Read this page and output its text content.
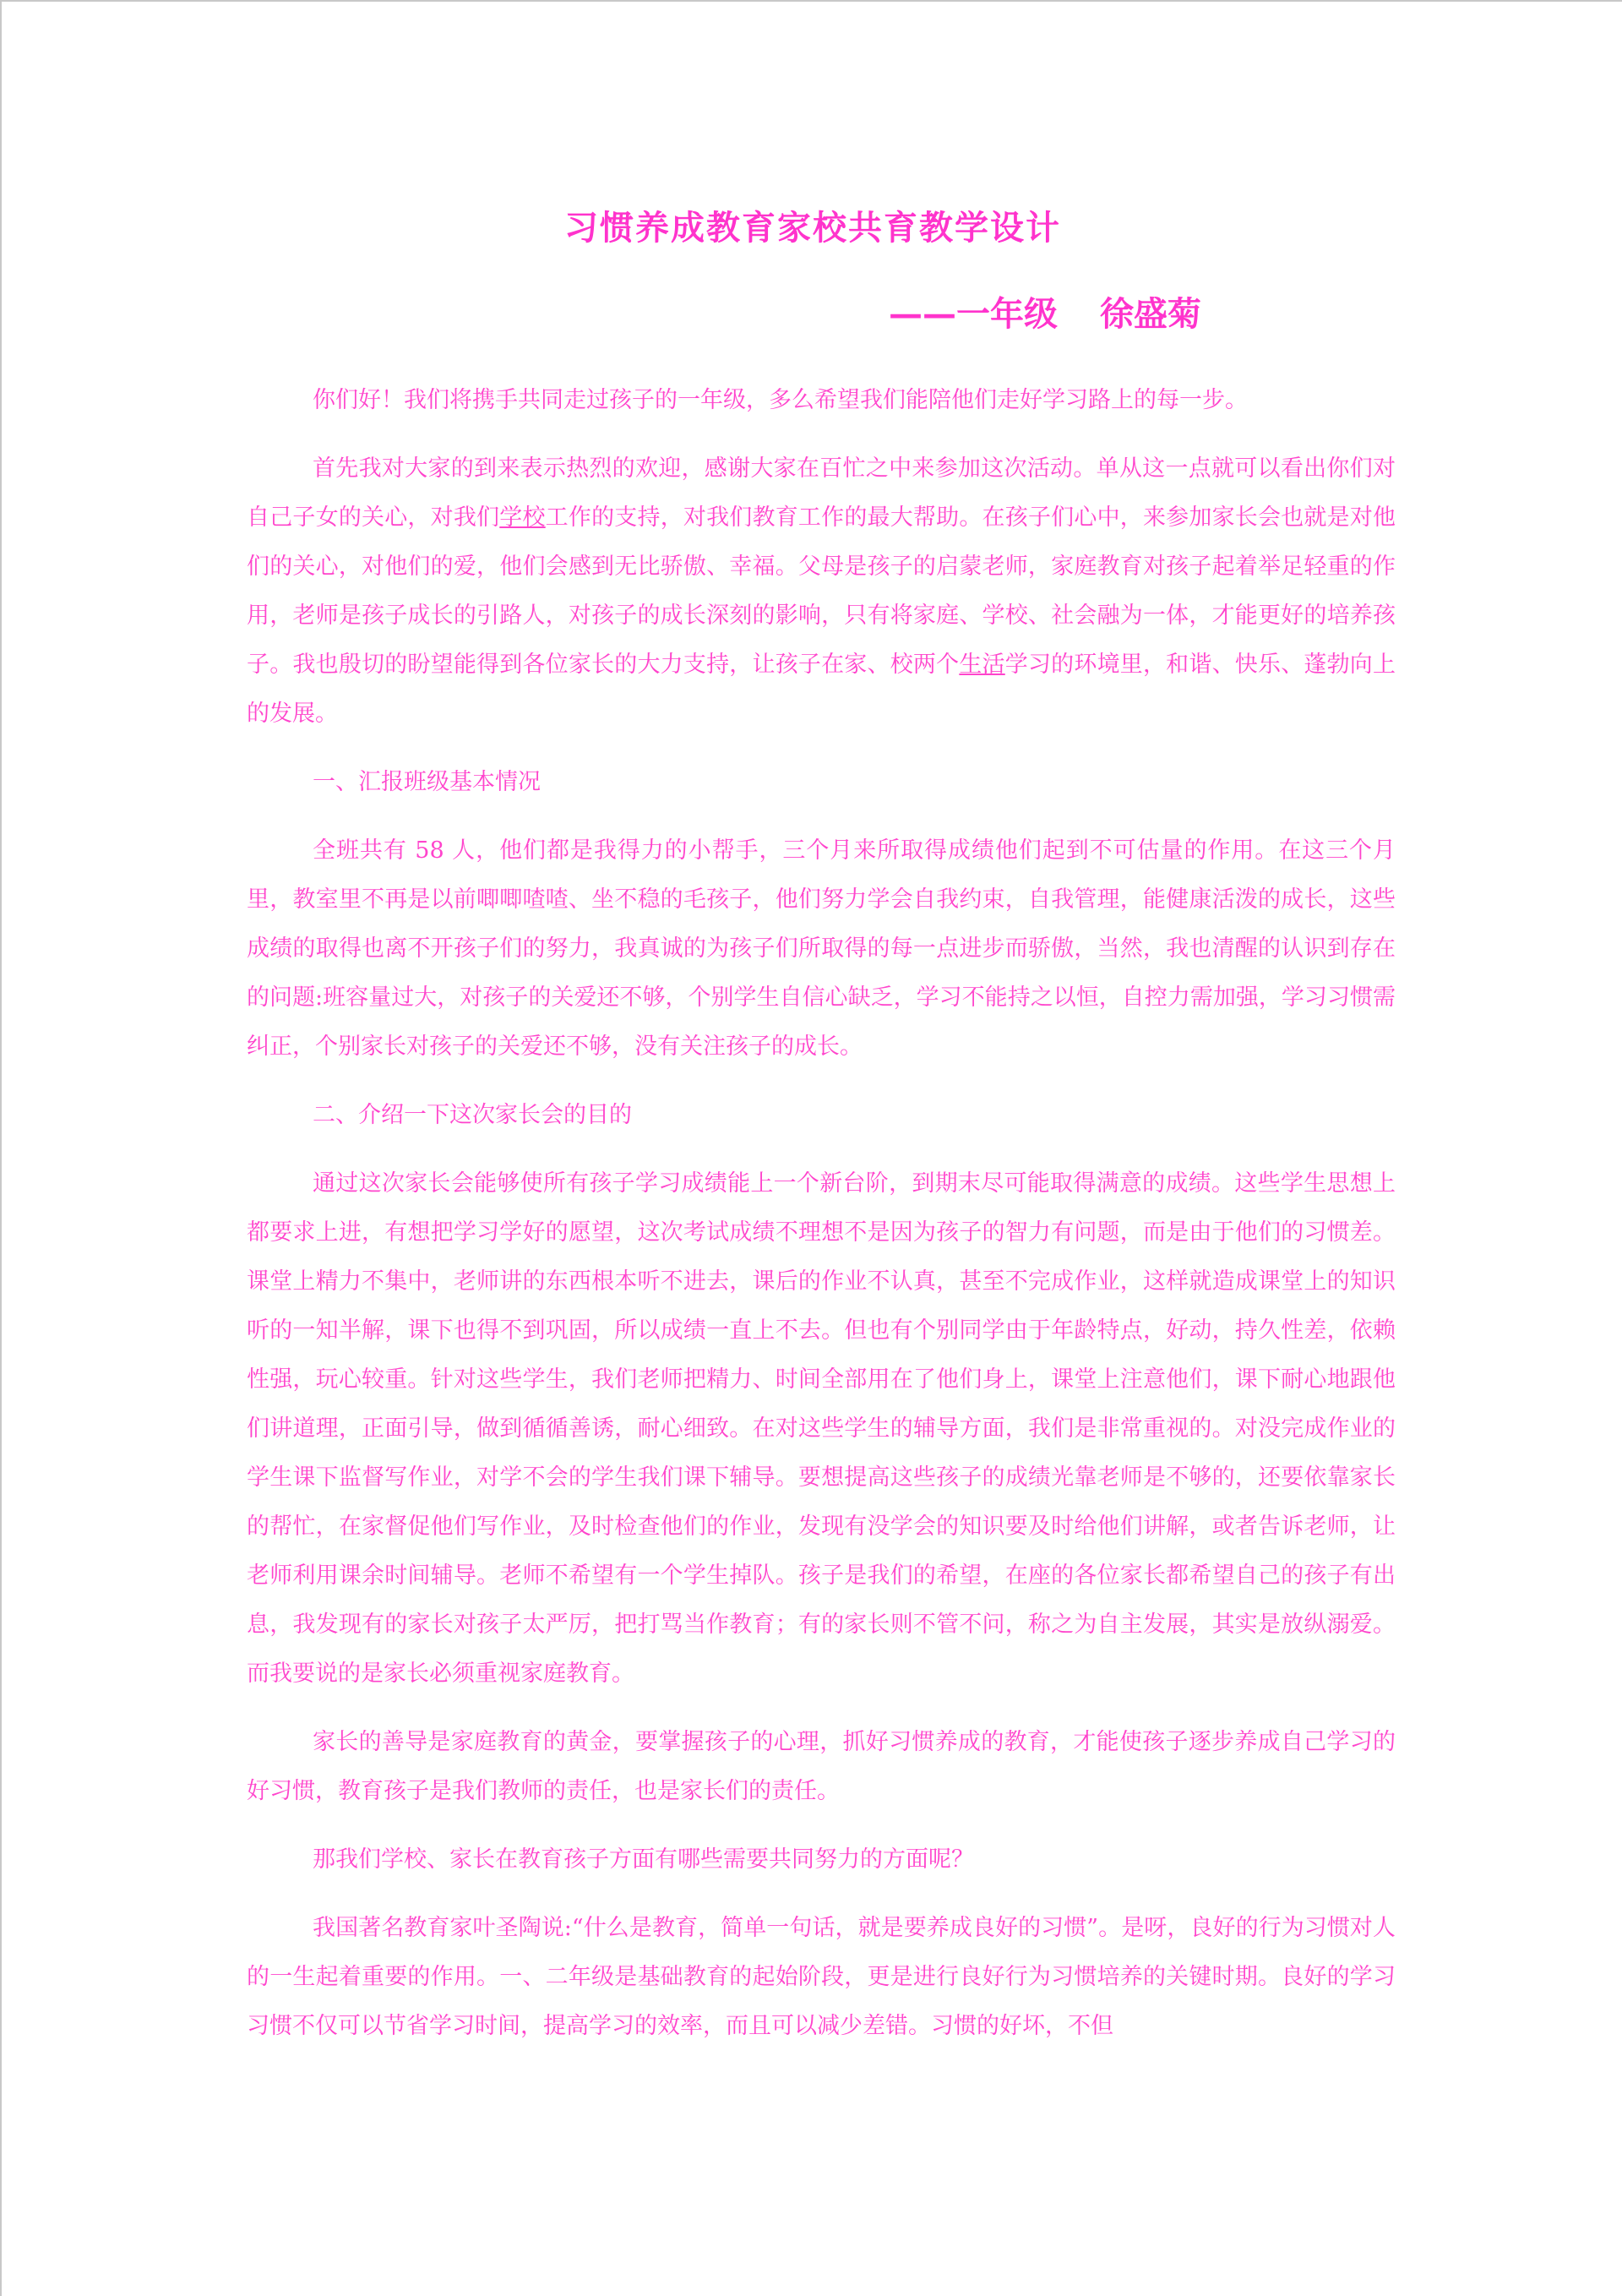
习惯养成教育家校共育教学设计
——一年级 徐盛菊

你们好！我们将携手共同走过孩子的一年级，多么希望我们能陪他们走好学习路上的每一步。

首先我对大家的到来表示热烈的欢迎，感谢大家在百忙之中来参加这次活动。单从这一点就可以看出你们对自己子女的关心，对我们学校工作的支持，对我们教育工作的最大帮助。在孩子们心中，来参加家长会也就是对他们的关心，对他们的爱，他们会感到无比骄傲、幸福。父母是孩子的启蒙老师，家庭教育对孩子起着举足轻重的作用，老师是孩子成长的引路人，对孩子的成长深刻的影响，只有将家庭、学校、社会融为一体，才能更好的培养孩子。我也殷切的盼望能得到各位家长的大力支持，让孩子在家、校两个生活学习的环境里，和谐、快乐、蓬勃向上的发展。

一、汇报班级基本情况

全班共有 58 人，他们都是我得力的小帮手，三个月来所取得成绩他们起到不可估量的作用。在这三个月里，教室里不再是以前唧唧喳喳、坐不稳的毛孩子，他们努力学会自我约束，自我管理，能健康活泼的成长，这些成绩的取得也离不开孩子们的努力，我真诚的为孩子们所取得的每一点进步而骄傲，当然，我也清醒的认识到存在的问题:班容量过大，对孩子的关爱还不够，个别学生自信心缺乏，学习不能持之以恒，自控力需加强，学习习惯需纠正，个别家长对孩子的关爱还不够，没有关注孩子的成长。

二、介绍一下这次家长会的目的

通过这次家长会能够使所有孩子学习成绩能上一个新台阶，到期末尽可能取得满意的成绩。这些学生思想上都要求上进，有想把学习学好的愿望，这次考试成绩不理想不是因为孩子的智力有问题，而是由于他们的习惯差。课堂上精力不集中，老师讲的东西根本听不进去，课后的作业不认真，甚至不完成作业，这样就造成课堂上的知识听的一知半解，课下也得不到巩固，所以成绩一直上不去。但也有个别同学由于年龄特点，好动，持久性差，依赖性强，玩心较重。针对这些学生，我们老师把精力、时间全部用在了他们身上，课堂上注意他们，课下耐心地跟他们讲道理，正面引导，做到循循善诱，耐心细致。在对这些学生的辅导方面，我们是非常重视的。对没完成作业的学生课下监督写作业，对学不会的学生我们课下辅导。要想提高这些孩子的成绩光靠老师是不够的，还要依靠家长的帮忙，在家督促他们写作业，及时检查他们的作业，发现有没学会的知识要及时给他们讲解，或者告诉老师，让老师利用课余时间辅导。老师不希望有一个学生掉队。孩子是我们的希望，在座的各位家长都希望自己的孩子有出息，我发现有的家长对孩子太严厉，把打骂当作教育；有的家长则不管不问，称之为自主发展，其实是放纵溺爱。而我要说的是家长必须重视家庭教育。

家长的善导是家庭教育的黄金，要掌握孩子的心理，抓好习惯养成的教育，才能使孩子逐步养成自己学习的好习惯，教育孩子是我们教师的责任，也是家长们的责任。

那我们学校、家长在教育孩子方面有哪些需要共同努力的方面呢？

我国著名教育家叶圣陶说:“什么是教育，简单一句话，就是要养成良好的习惯”。是呀，良好的行为习惯对人的一生起着重要的作用。一、二年级是基础教育的起始阶段，更是进行良好行为习惯培养的关键时期。良好的学习习惯不仅可以节省学习时间，提高学习的效率，而且可以减少差错。习惯的好坏，不但
